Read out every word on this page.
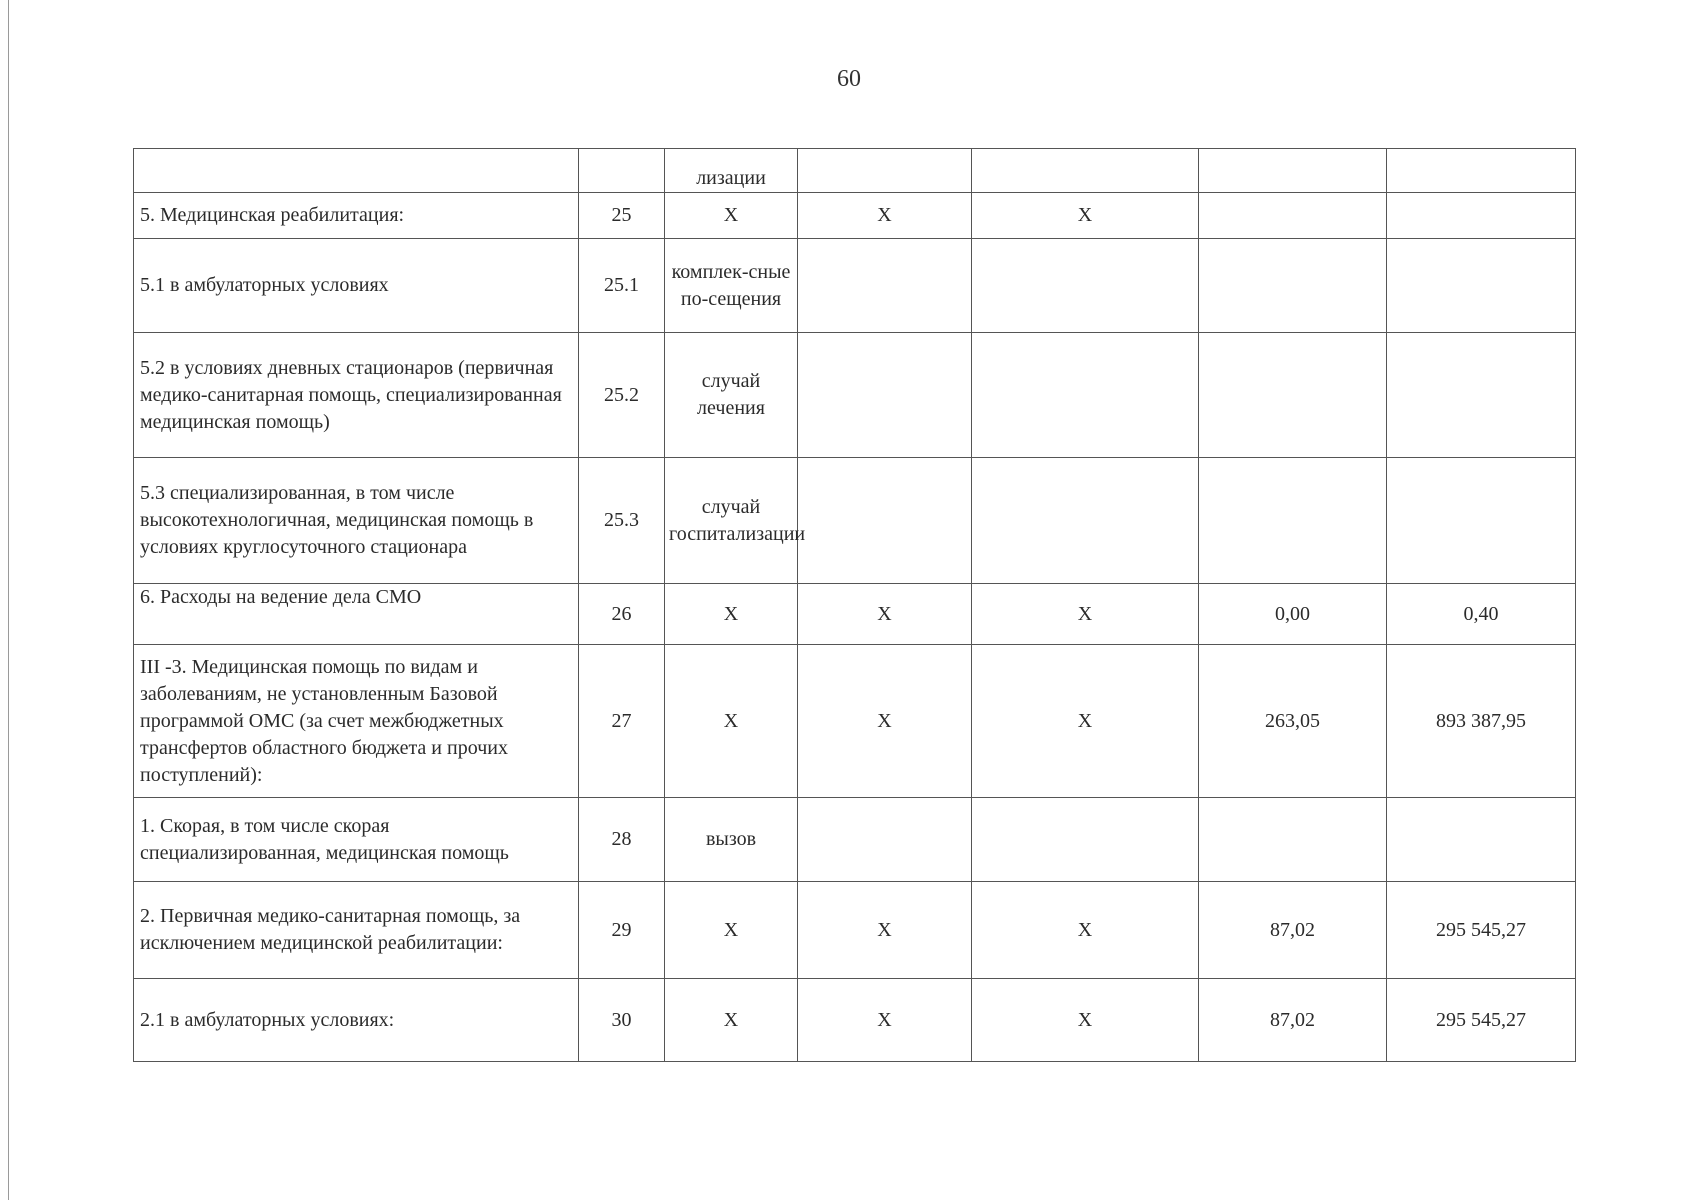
60
		лизации				
5. Медицинская реабилитация:	25	Х	Х	Х		
5.1 в амбулаторных условиях	25.1	комплек-сные по-сещения				
5.2 в условиях дневных стационаров (первичная медико-санитарная помощь, специализированная медицинская помощь)	25.2	случай лечения				
5.3 специализированная, в том числе высокотехнологичная, медицинская помощь в условиях круглосуточного стационара	25.3	случай госпитализации				
6. Расходы на ведение дела СМО	26	Х	Х	Х	0,00	0,40
III -3. Медицинская помощь по видам и заболеваниям, не установленным Базовой программой ОМС (за счет межбюджетных трансфертов областного бюджета и прочих поступлений):	27	Х	Х	Х	263,05	893 387,95
1. Скорая, в том числе скорая специализированная, медицинская помощь	28	вызов				
2. Первичная медико-санитарная помощь, за исключением медицинской реабилитации:	29	Х	Х	Х	87,02	295 545,27
2.1 в амбулаторных условиях:	30	Х	Х	Х	87,02	295 545,27
